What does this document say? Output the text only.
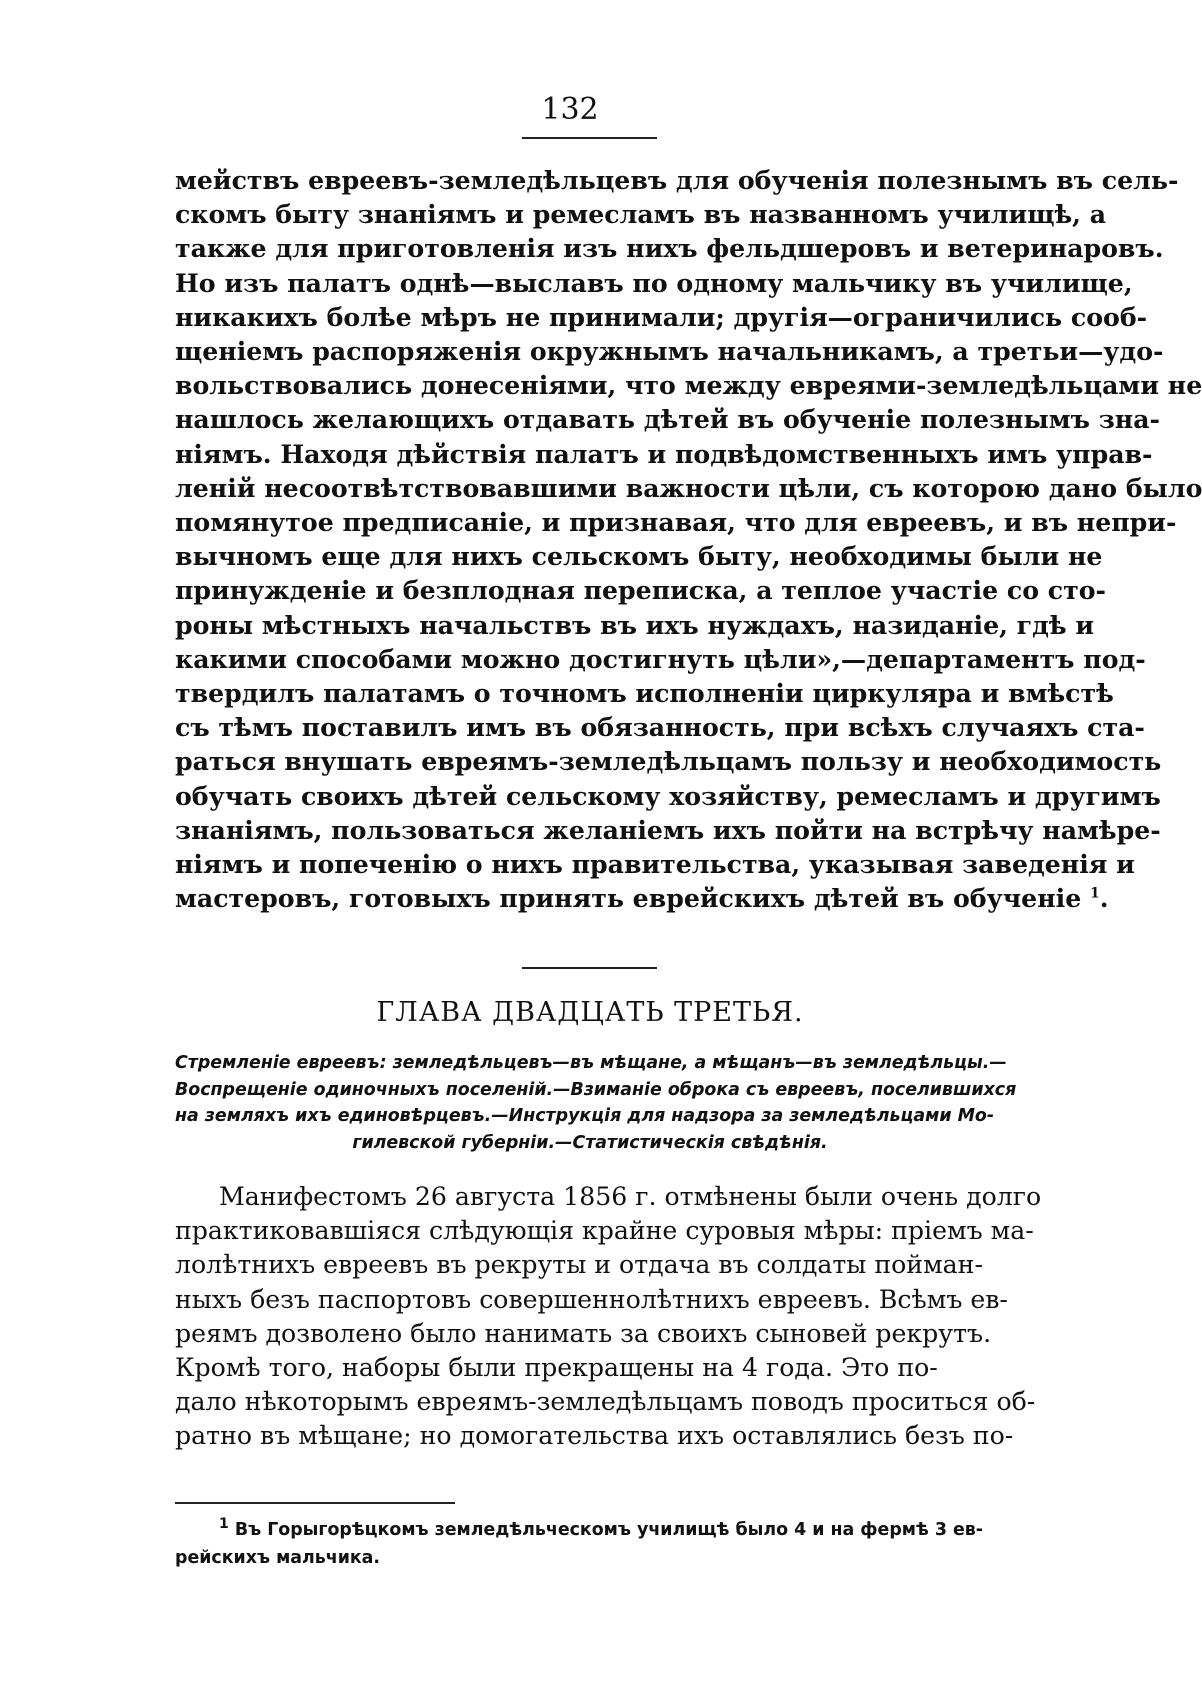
132
мействъ евреевъ-земледѣльцевъ для обученія полезнымъ въ сель-
скомъ быту знаніямъ и ремесламъ въ названномъ училищѣ, а
также для приготовленія изъ нихъ фельдшеровъ и ветеринаровъ.
Но изъ палатъ однѣ—выславъ по одному мальчику въ училище,
никакихъ болѣе мѣръ не принимали; другія—ограничились сооб-
щеніемъ распоряженія окружнымъ начальникамъ, а третьи—удо-
вольствовались донесеніями, что между евреями-земледѣльцами не
нашлось желающихъ отдавать дѣтей въ обученіе полезнымъ зна-
ніямъ. Находя дѣйствія палатъ и подвѣдомственныхъ имъ управ-
леній несоотвѣтствовавшими важности цѣли, съ которою дано было
помянутое предписаніе, и признавая, что для евреевъ, и въ непри-
вычномъ еще для нихъ сельскомъ быту, необходимы были не
принужденіе и безплодная переписка, а теплое участіе со сто-
роны мѣстныхъ начальствъ въ ихъ нуждахъ, назиданіе, гдѣ и
какими способами можно достигнуть цѣли»,—департаментъ под-
твердилъ палатамъ о точномъ исполненіи циркуляра и вмѣстѣ
съ тѣмъ поставилъ имъ въ обязанность, при всѣхъ случаяхъ ста-
раться внушать евреямъ-земледѣльцамъ пользу и необходимость
обучать своихъ дѣтей сельскому хозяйству, ремесламъ и другимъ
знаніямъ, пользоваться желаніемъ ихъ пойти на встрѣчу намѣре-
ніямъ и попеченію о нихъ правительства, указывая заведенія и
мастеровъ, готовыхъ принять еврейскихъ дѣтей въ обученіе $^1$.
ГЛАВА ДВАДЦАТЬ ТРЕТЬЯ.
Стремленіе евреевъ: земледѣльцевъ—въ мѣщане, а мѣщанъ—въ земледѣльцы.—
Воспрещеніе одиночныхъ поселеній.—Взиманіе оброка съ евреевъ, поселившихся
на земляхъ ихъ единовѣрцевъ.—Инструкція для надзора за земледѣльцами Мо-
гилевской губерніи.—Статистическія свѣдѣнія.
Манифестомъ 26 августа 1856 г. отмѣнены были очень долго
практиковавшіяся слѣдующія крайне суровыя мѣры: пріемъ ма-
лолѣтнихъ евреевъ въ рекруты и отдача въ солдаты пойман-
ныхъ безъ паспортовъ совершеннолѣтнихъ евреевъ. Всѣмъ ев-
реямъ дозволено было нанимать за своихъ сыновей рекрутъ.
Кромѣ того, наборы были прекращены на 4 года. Это по-
дало нѣкоторымъ евреямъ-земледѣльцамъ поводъ проситься об-
ратно въ мѣщане; но домогательства ихъ оставлялись безъ по-
$^1$ Въ Горыгорѣцкомъ земледѣльческомъ училищѣ было 4 и на фермѣ 3 ев-
рейскихъ мальчика.
